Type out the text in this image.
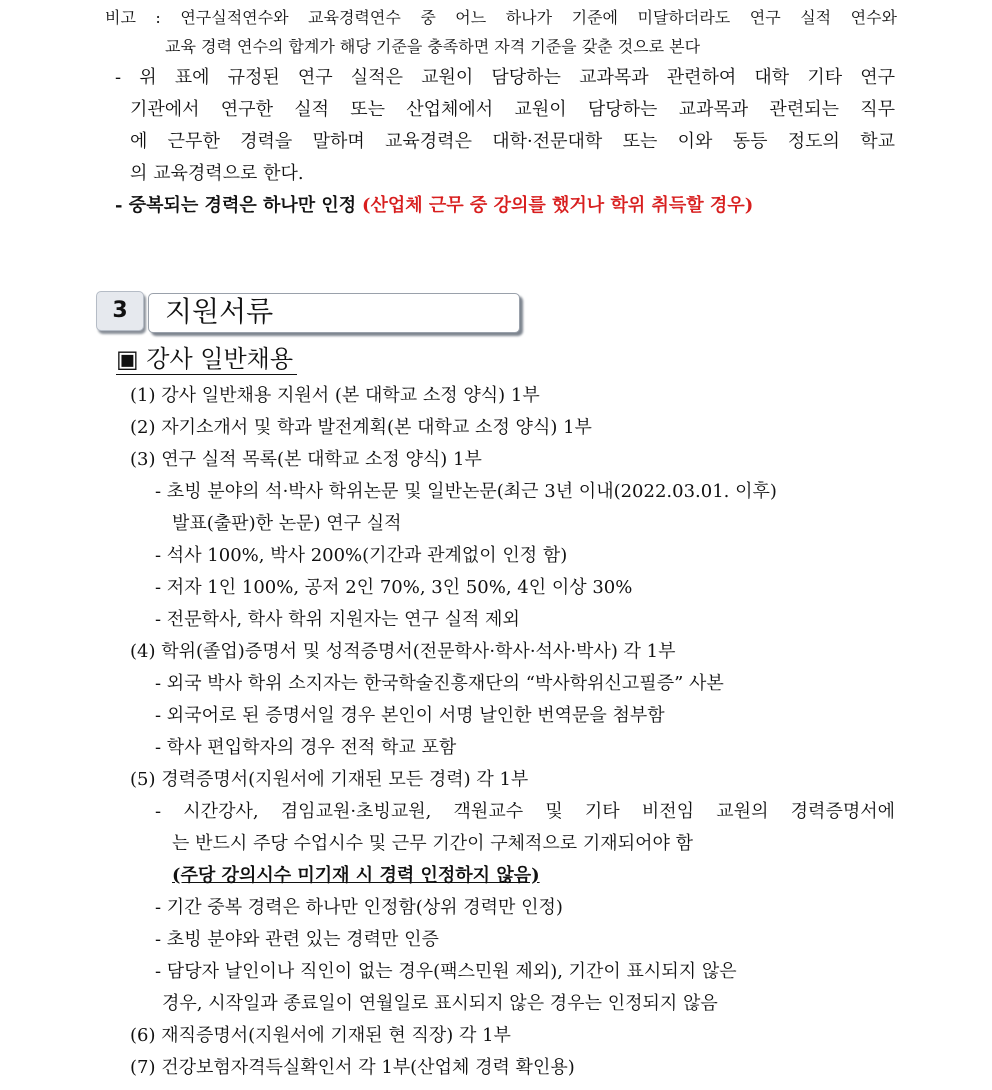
비고 : 연구실적연수와 교육경력연수 중 어느 하나가 기준에 미달하더라도 연구 실적 연수와
교육 경력 연수의 합계가 해당 기준을 충족하면 자격 기준을 갖춘 것으로 본다
- 위 표에 규정된 연구 실적은 교원이 담당하는 교과목과 관련하여 대학 기타 연구
기관에서 연구한 실적 또는 산업체에서 교원이 담당하는 교과목과 관련되는 직무
에 근무한 경력을 말하며 교육경력은 대학·전문대학 또는 이와 동등 정도의 학교
의 교육경력으로 한다.
- 중복되는 경력은 하나만 인정 (산업체 근무 중 강의를 했거나 학위 취득할 경우)
3	지원서류
▣ 강사 일반채용
(1) 강사 일반채용 지원서 (본 대학교 소정 양식) 1부
(2) 자기소개서 및 학과 발전계획(본 대학교 소정 양식) 1부
(3) 연구 실적 목록(본 대학교 소정 양식) 1부
- 초빙 분야의 석·박사 학위논문 및 일반논문(최근 3년 이내(2022.03.01. 이후)
발표(출판)한 논문) 연구 실적
- 석사 100%, 박사 200%(기간과 관계없이 인정 함)
- 저자 1인 100%, 공저 2인 70%, 3인 50%, 4인 이상 30%
- 전문학사, 학사 학위 지원자는 연구 실적 제외
(4) 학위(졸업)증명서 및 성적증명서(전문학사·학사·석사·박사) 각 1부
- 외국 박사 학위 소지자는 한국학술진흥재단의 “박사학위신고필증” 사본
- 외국어로 된 증명서일 경우 본인이 서명 날인한 번역문을 첨부함
- 학사 편입학자의 경우 전적 학교 포함
(5) 경력증명서(지원서에 기재된 모든 경력) 각 1부
- 시간강사, 겸임교원·초빙교원, 객원교수 및 기타 비전임 교원의 경력증명서에
는 반드시 주당 수업시수 및 근무 기간이 구체적으로 기재되어야 함
(주당 강의시수 미기재 시 경력 인정하지 않음)
- 기간 중복 경력은 하나만 인정함(상위 경력만 인정)
- 초빙 분야와 관련 있는 경력만 인증
- 담당자 날인이나 직인이 없는 경우(팩스민원 제외), 기간이 표시되지 않은
경우, 시작일과 종료일이 연월일로 표시되지 않은 경우는 인정되지 않음
(6) 재직증명서(지원서에 기재된 현 직장) 각 1부
(7) 건강보험자격득실확인서 각 1부(산업체 경력 확인용)
